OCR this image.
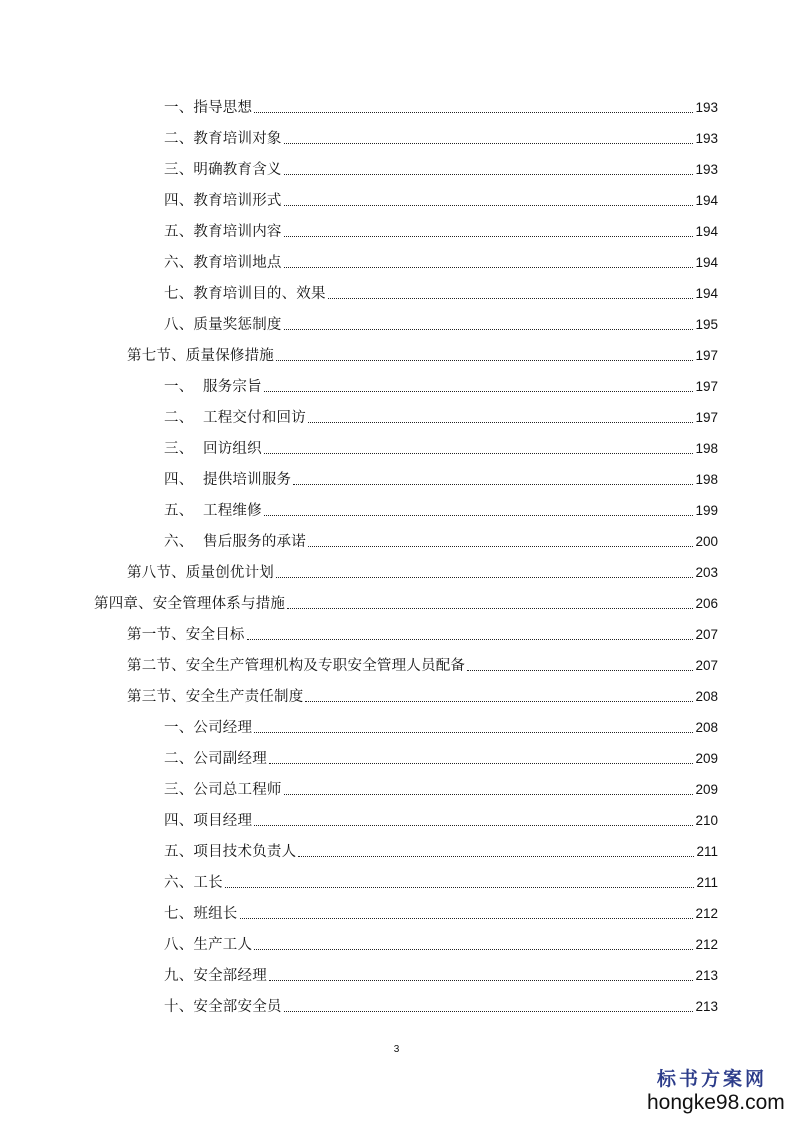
一、指导思想	193
二、教育培训对象	193
三、明确教育含义	193
四、教育培训形式	194
五、教育培训内容	194
六、教育培训地点	194
七、教育培训目的、效果	194
八、质量奖惩制度	195
第七节、质量保修措施	197
一、  服务宗旨	197
二、  工程交付和回访	197
三、  回访组织	198
四、  提供培训服务	198
五、  工程维修	199
六、  售后服务的承诺	200
第八节、质量创优计划	203
第四章、安全管理体系与措施	206
第一节、安全目标	207
第二节、安全生产管理机构及专职安全管理人员配备	207
第三节、安全生产责任制度	208
一、公司经理	208
二、公司副经理	209
三、公司总工程师	209
四、项目经理	210
五、项目技术负责人	211
六、工长	211
七、班组长	212
八、生产工人	212
九、安全部经理	213
十、安全部安全员	213
3
标书方案网
hongke98.com
